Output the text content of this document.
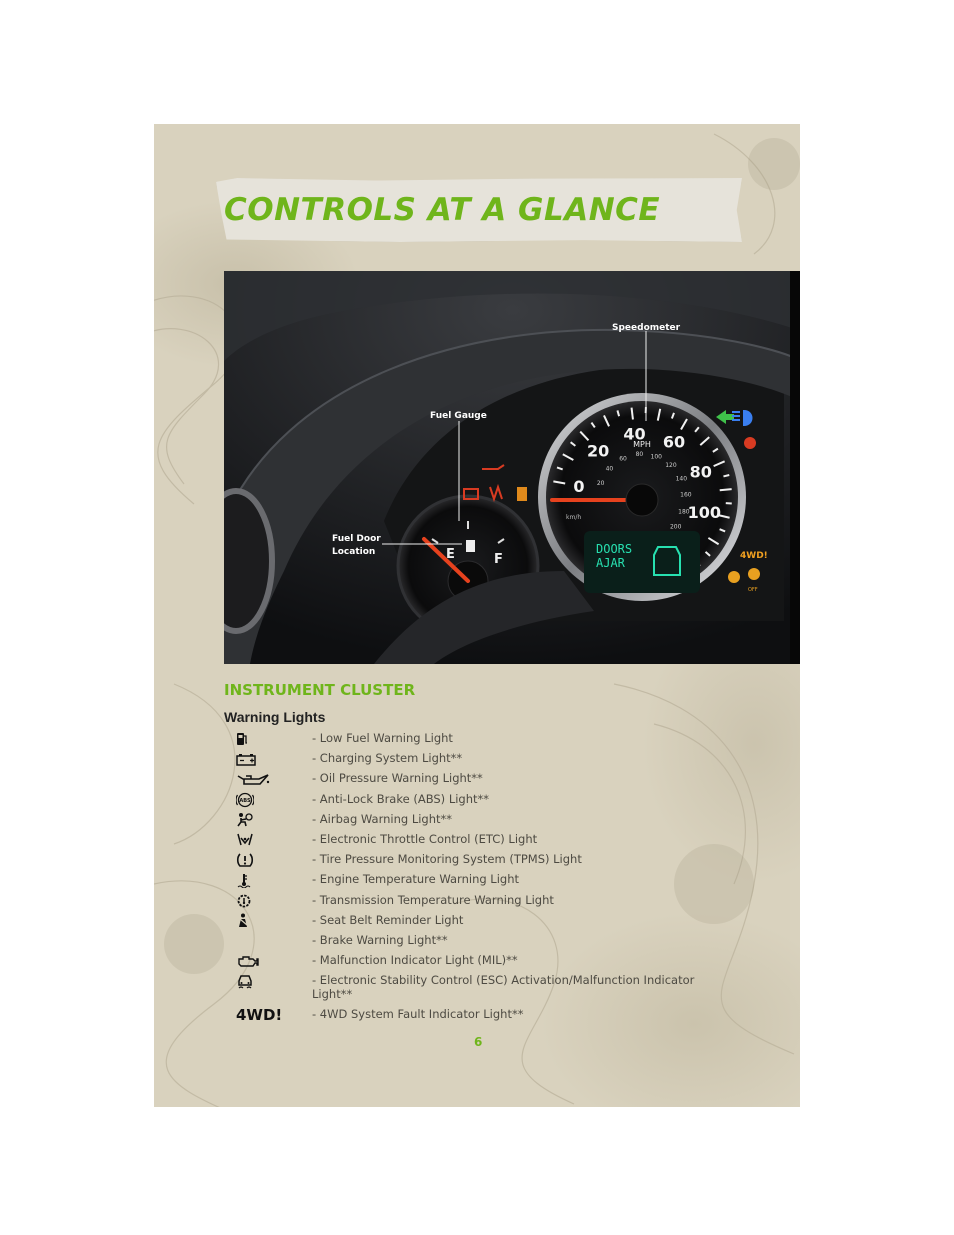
CONTROLS AT A GLANCE
E	F
0
20
40 60
80
100
20
40
60
80 100
120
140
160
180
200
MPH
km/h
DOORS
AJAR	4WD!
OFF
Speedometer
Fuel Gauge
Fuel Door Location
INSTRUMENT CLUSTER
Warning Lights
- Low Fuel Warning Light
- Charging System Light**
- Oil Pressure Warning Light**
ABS	- Anti-Lock Brake (ABS) Light**
- Airbag Warning Light**
- Electronic Throttle Control (ETC) Light
- Tire Pressure Monitoring System (TPMS) Light
- Engine Temperature Warning Light
- Transmission Temperature Warning Light
- Seat Belt Reminder Light
- Brake Warning Light**
- Malfunction Indicator Light (MIL)**
- Electronic Stability Control (ESC) Activation/Malfunction Indicator Light**
4WD!	- 4WD System Fault Indicator Light**
6
